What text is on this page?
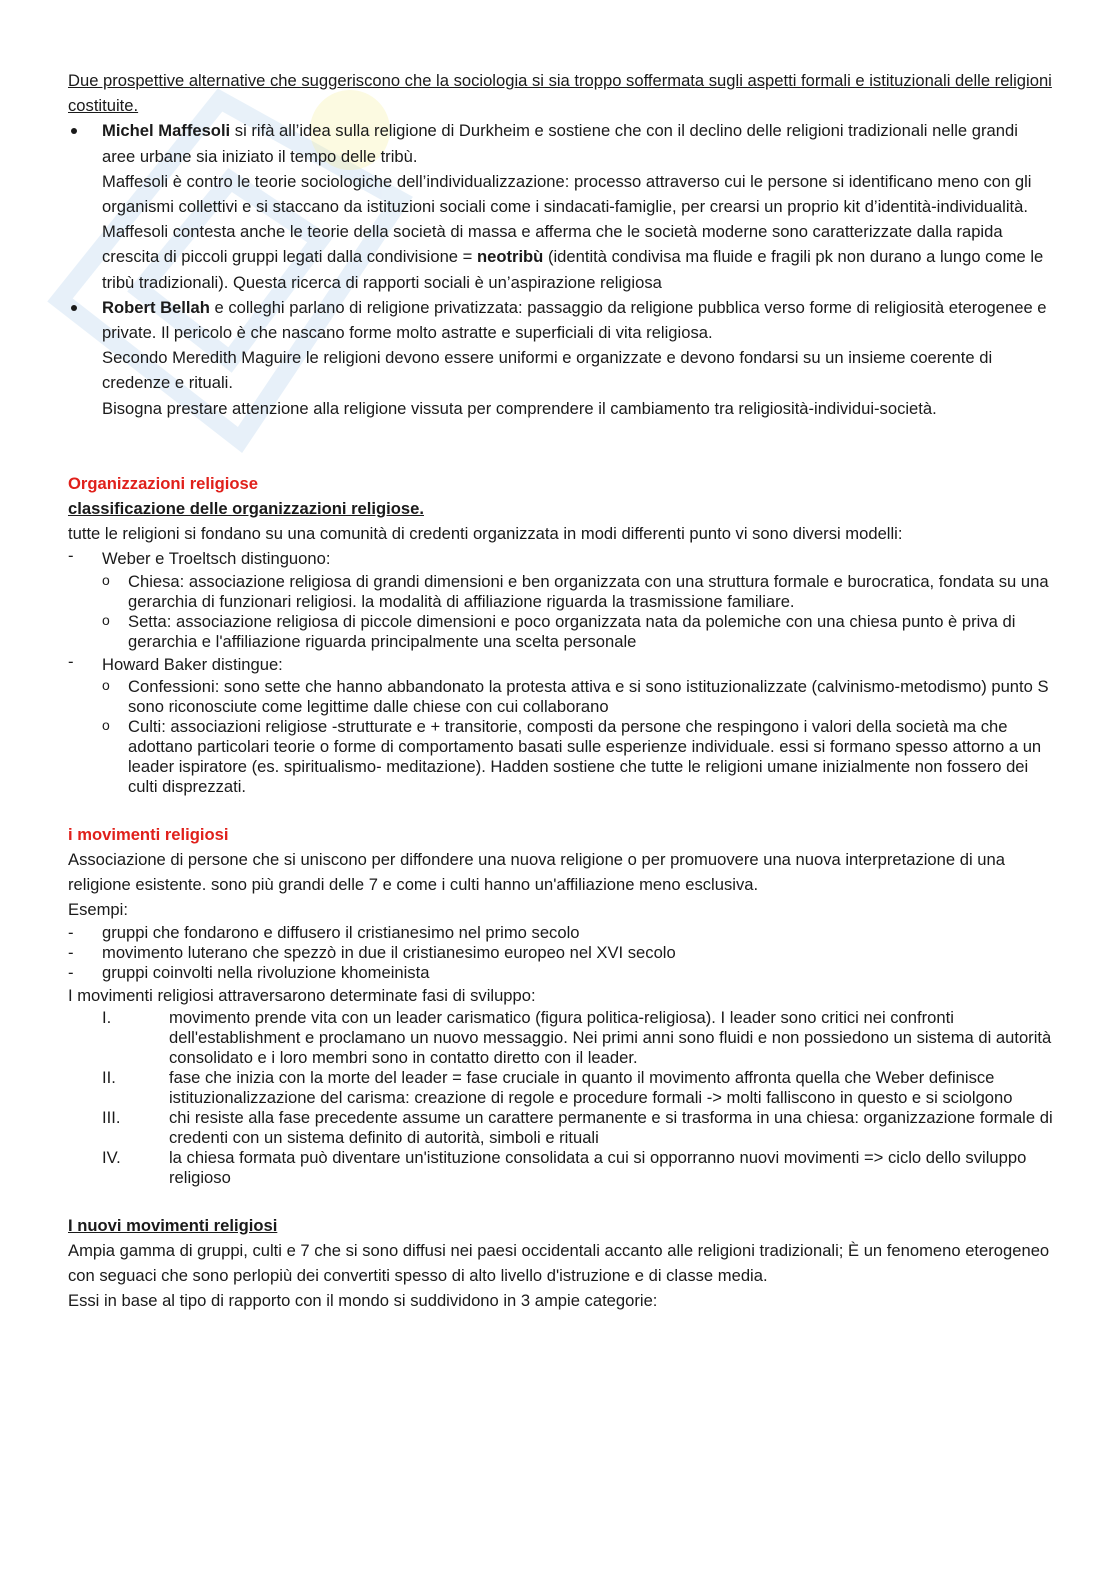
Due prospettive alternative che suggeriscono che la sociologia si sia troppo soffermata sugli aspetti formali e istituzionali delle religioni costituite.

Michel Maffesoli si rifà all’idea sulla religione di Durkheim e sostiene che con il declino delle religioni tradizionali nelle grandi aree urbane sia iniziato il tempo delle tribù.

Maffesoli è contro le teorie sociologiche dell’individualizzazione: processo attraverso cui le persone si identificano meno con gli organismi collettivi e si staccano da istituzioni sociali come i sindacati-famiglie, per crearsi un proprio kit d’identità-individualità.

Maffesoli contesta anche le teorie della società di massa e afferma che le società moderne sono caratterizzate dalla rapida crescita di piccoli gruppi legati dalla condivisione = neotribù (identità condivisa ma fluide e fragili pk non durano a lungo come le tribù tradizionali). Questa ricerca di rapporti sociali è un’aspirazione religiosa

Robert Bellah e colleghi parlano di religione privatizzata: passaggio da religione pubblica verso forme di religiosità eterogenee e private. Il pericolo è che nascano forme molto astratte e superficiali di vita religiosa.

Secondo Meredith Maguire le religioni devono essere uniformi e organizzate e devono fondarsi su un insieme coerente di credenze e rituali.

Bisogna prestare attenzione alla religione vissuta per comprendere il cambiamento tra religiosità-individui-società.

Organizzazioni religiose

classificazione delle organizzazioni religiose.

tutte le religioni si fondano su una comunità di credenti organizzata in modi differenti punto vi sono diversi modelli:

- Weber e Troeltsch distinguono:

o Chiesa: associazione religiosa di grandi dimensioni e ben organizzata con una struttura formale e burocratica, fondata su una gerarchia di funzionari religiosi. la modalità di affiliazione riguarda la trasmissione familiare.
o Setta: associazione religiosa di piccole dimensioni e poco organizzata nata da polemiche con una chiesa punto è priva di gerarchia e l'affiliazione riguarda principalmente una scelta personale

- Howard Baker distingue:

o Confessioni: sono sette che hanno abbandonato la protesta attiva e si sono istituzionalizzate (calvinismo-metodismo) punto S sono riconosciute come legittime dalle chiese con cui collaborano
o Culti: associazioni religiose -strutturate e + transitorie, composti da persone che respingono i valori della società ma che adottano particolari teorie o forme di comportamento basati sulle esperienze individuale. essi si formano spesso attorno a un leader ispiratore (es. spiritualismo- meditazione). Hadden sostiene che tutte le religioni umane inizialmente non fossero dei culti disprezzati.

i movimenti religiosi

Associazione di persone che si uniscono per diffondere una nuova religione o per promuovere una nuova interpretazione di una religione esistente. sono più grandi delle 7 e come i culti hanno un'affiliazione meno esclusiva.

Esempi:

- gruppi che fondarono e diffusero il cristianesimo nel primo secolo
- movimento luterano che spezzò in due il cristianesimo europeo nel XVI secolo
- gruppi coinvolti nella rivoluzione khomeinista

I movimenti religiosi attraversarono determinate fasi di sviluppo:

I.	movimento prende vita con un leader carismatico (figura politica-religiosa). I leader sono critici nei confronti dell'establishment e proclamano un nuovo messaggio. Nei primi anni sono fluidi e non possiedono un sistema di autorità consolidato e i loro membri sono in contatto diretto con il leader.
II.	fase che inizia con la morte del leader = fase cruciale in quanto il movimento affronta quella che Weber definisce istituzionalizzazione del carisma: creazione di regole e procedure formali -> molti falliscono in questo e si sciolgono
III.	chi resiste alla fase precedente assume un carattere permanente e si trasforma in una chiesa: organizzazione formale di credenti con un sistema definito di autorità, simboli e rituali
IV.	la chiesa formata può diventare un'istituzione consolidata a cui si opporranno nuovi movimenti => ciclo dello sviluppo religioso

I nuovi movimenti religiosi

Ampia gamma di gruppi, culti e 7 che si sono diffusi nei paesi occidentali accanto alle religioni tradizionali; È un fenomeno eterogeneo con seguaci che sono perlopiù dei convertiti spesso di alto livello d'istruzione e di classe media.

Essi in base al tipo di rapporto con il mondo si suddividono in 3 ampie categorie:
